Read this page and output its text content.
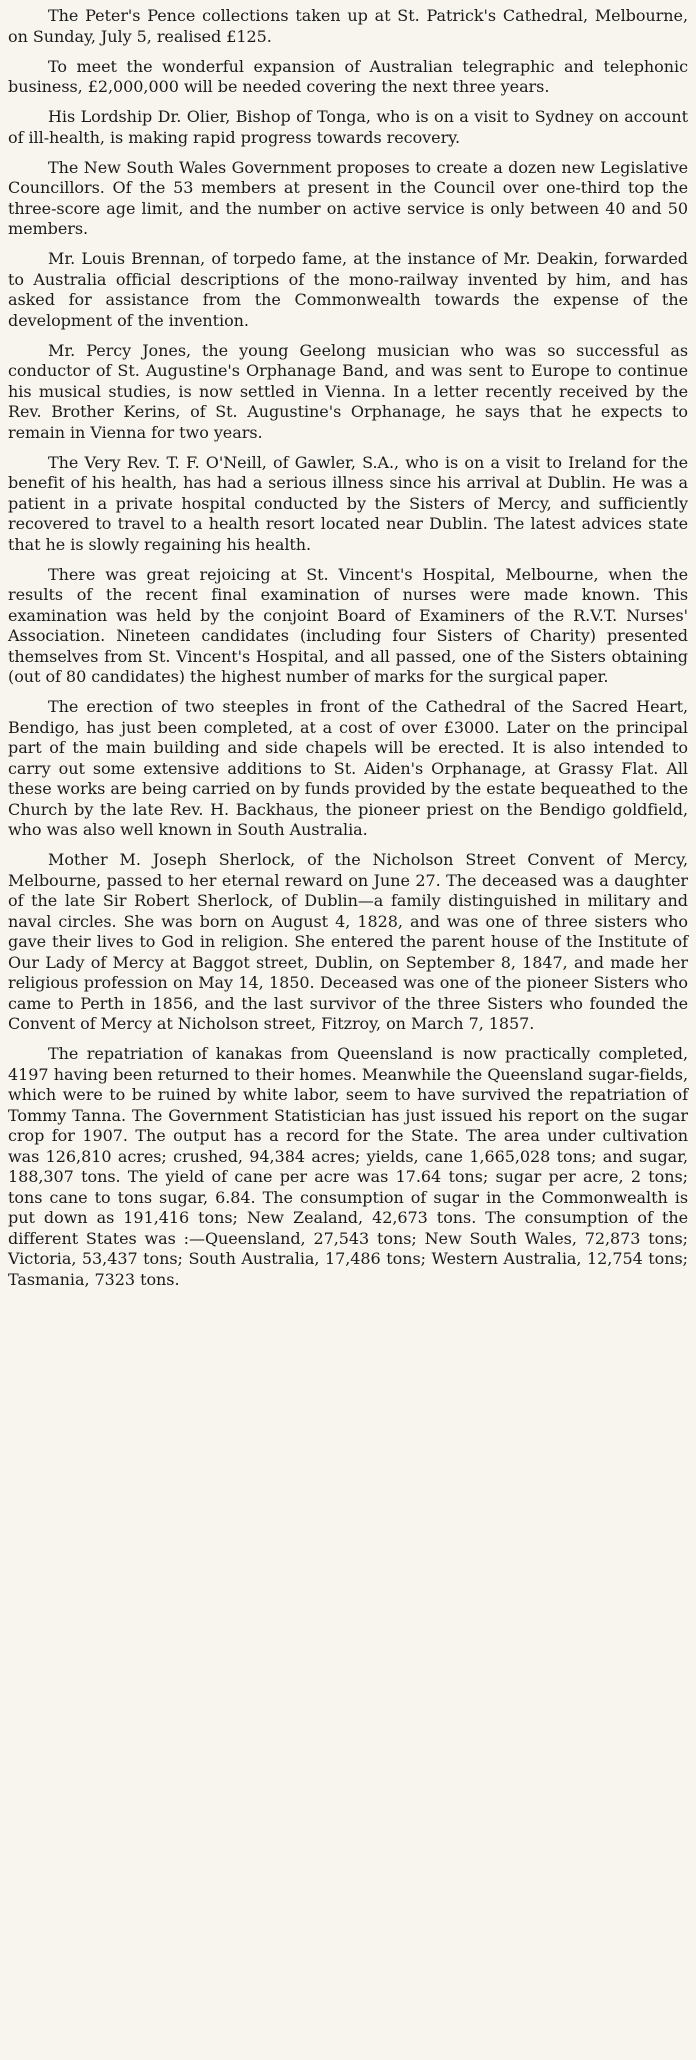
The Peter's Pence collections taken up at St. Patrick's Cathedral, Melbourne, on Sunday, July 5, realised £125.

To meet the wonderful expansion of Australian telegraphic and telephonic business, £2,000,000 will be needed covering the next three years.

His Lordship Dr. Olier, Bishop of Tonga, who is on a visit to Sydney on account of ill-health, is making rapid progress towards recovery.

The New South Wales Government proposes to create a dozen new Legislative Councillors. Of the 53 members at present in the Council over one-third top the three-score age limit, and the number on active service is only between 40 and 50 members.

Mr. Louis Brennan, of torpedo fame, at the instance of Mr. Deakin, forwarded to Australia official descriptions of the mono-railway invented by him, and has asked for assistance from the Commonwealth towards the expense of the development of the invention.

Mr. Percy Jones, the young Geelong musician who was so successful as conductor of St. Augustine's Orphanage Band, and was sent to Europe to continue his musical studies, is now settled in Vienna. In a letter recently received by the Rev. Brother Kerins, of St. Augustine's Orphanage, he says that he expects to remain in Vienna for two years.

The Very Rev. T. F. O'Neill, of Gawler, S.A., who is on a visit to Ireland for the benefit of his health, has had a serious illness since his arrival at Dublin. He was a patient in a private hospital conducted by the Sisters of Mercy, and sufficiently recovered to travel to a health resort located near Dublin. The latest advices state that he is slowly regaining his health.

There was great rejoicing at St. Vincent's Hospital, Melbourne, when the results of the recent final examination of nurses were made known. This examination was held by the conjoint Board of Examiners of the R.V.T. Nurses' Association. Nineteen candidates (including four Sisters of Charity) presented themselves from St. Vincent's Hospital, and all passed, one of the Sisters obtaining (out of 80 candidates) the highest number of marks for the surgical paper.

The erection of two steeples in front of the Cathedral of the Sacred Heart, Bendigo, has just been completed, at a cost of over £3000. Later on the principal part of the main building and side chapels will be erected. It is also intended to carry out some extensive additions to St. Aiden's Orphanage, at Grassy Flat. All these works are being carried on by funds provided by the estate bequeathed to the Church by the late Rev. H. Backhaus, the pioneer priest on the Bendigo goldfield, who was also well known in South Australia.

Mother M. Joseph Sherlock, of the Nicholson Street Convent of Mercy, Melbourne, passed to her eternal reward on June 27. The deceased was a daughter of the late Sir Robert Sherlock, of Dublin—a family distinguished in military and naval circles. She was born on August 4, 1828, and was one of three sisters who gave their lives to God in religion. She entered the parent house of the Institute of Our Lady of Mercy at Baggot street, Dublin, on September 8, 1847, and made her religious profession on May 14, 1850. Deceased was one of the pioneer Sisters who came to Perth in 1856, and the last survivor of the three Sisters who founded the Convent of Mercy at Nicholson street, Fitzroy, on March 7, 1857.

The repatriation of kanakas from Queensland is now practically completed, 4197 having been returned to their homes. Meanwhile the Queensland sugar-fields, which were to be ruined by white labor, seem to have survived the repatriation of Tommy Tanna. The Government Statistician has just issued his report on the sugar crop for 1907. The output has a record for the State. The area under cultivation was 126,810 acres; crushed, 94,384 acres; yields, cane 1,665,028 tons; and sugar, 188,307 tons. The yield of cane per acre was 17.64 tons; sugar per acre, 2 tons; tons cane to tons sugar, 6.84. The consumption of sugar in the Commonwealth is put down as 191,416 tons; New Zealand, 42,673 tons. The consumption of the different States was :—Queensland, 27,543 tons; New South Wales, 72,873 tons; Victoria, 53,437 tons; South Australia, 17,486 tons; Western Australia, 12,754 tons; Tasmania, 7323 tons.
